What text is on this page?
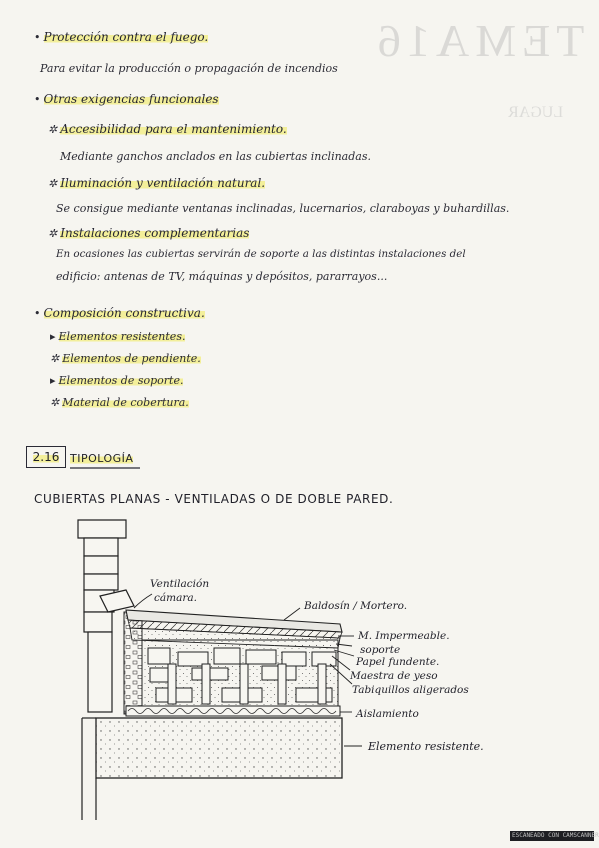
TEMA16
LUGAR
• Protección contra el fuego.
Para evitar la producción o propagación de incendios
• Otras exigencias funcionales
✲ Accesibilidad para el mantenimiento.
Mediante ganchos anclados en las cubiertas inclinadas.
✲ Iluminación y ventilación natural.
Se consigue mediante ventanas inclinadas, lucernarios, claraboyas y buhardillas.
✲ Instalaciones complementarias
En ocasiones las cubiertas servirán de soporte a las distintas instalaciones del
edificio: antenas de TV, máquinas y depósitos, pararrayos...
• Composición constructiva.
▸ Elementos resistentes.
✲ Elementos de pendiente.
▸ Elementos de soporte.
✲ Material de cobertura.
2.16 TIPOLOGÍA
CUBIERTAS PLANAS - VENTILADAS O DE DOBLE PARED.
Ventilación
cámara.
Baldosín / Mortero.
M. Impermeable.
soporte
Papel fundente.
Maestra de yeso
Tabiquillos aligerados
Aislamiento
Elemento resistente.
ESCANEADO CON CAMSCANNER
